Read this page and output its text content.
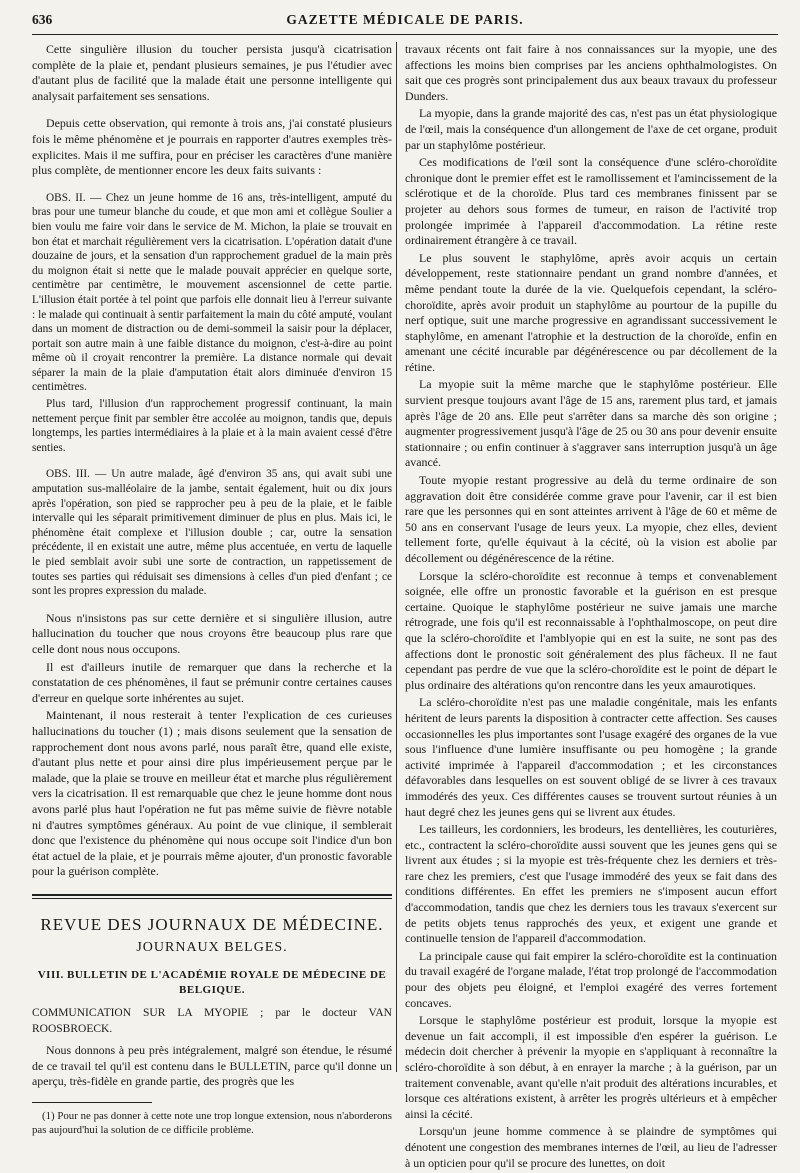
636	GAZETTE MÉDICALE DE PARIS.

Cette singulière illusion du toucher persista jusqu'à cicatrisation complète de la plaie et, pendant plusieurs semaines, je pus l'étudier avec d'autant plus de facilité que la malade était une personne intelligente qui analysait parfaitement ses sensations.

Depuis cette observation, qui remonte à trois ans, j'ai constaté plusieurs fois le même phénomène et je pourrais en rapporter d'autres exemples très-explicites. Mais il me suffira, pour en préciser les caractères d'une manière plus complète, de mentionner encore les deux faits suivants :

OBS. II. — Chez un jeune homme de 16 ans, très-intelligent, amputé du bras pour une tumeur blanche du coude, et que mon ami et collègue Soulier a bien voulu me faire voir dans le service de M. Michon, la plaie se trouvait en bon état et marchait régulièrement vers la cicatrisation. L'opération datait d'une douzaine de jours, et la sensation d'un rapprochement graduel de la main près du moignon était si nette que le malade pouvait apprécier en quelque sorte, centimètre par centimètre, le mouvement ascensionnel de cette partie. L'illusion était portée à tel point que parfois elle donnait lieu à l'erreur suivante : le malade qui continuait à sentir parfaitement la main du côté amputé, voulant dans un moment de distraction ou de demi-sommeil la saisir pour la déplacer, portait son autre main à une faible distance du moignon, c'est-à-dire au point même où il croyait rencontrer la première. La distance normale qui devait séparer la main de la plaie d'amputation était alors diminuée d'environ 15 centimètres.

Plus tard, l'illusion d'un rapprochement progressif continuant, la main nettement perçue finit par sembler être accolée au moignon, tandis que, depuis longtemps, les parties intermédiaires à la plaie et à la main avaient cessé d'être senties.

OBS. III. — Un autre malade, âgé d'environ 35 ans, qui avait subi une amputation sus-malléolaire de la jambe, sentait également, huit ou dix jours après l'opération, son pied se rapprocher peu à peu de la plaie, et le faible intervalle qui les séparait primitivement diminuer de plus en plus. Mais ici, le phénomène était complexe et l'illusion double ; car, outre la sensation précédente, il en existait une autre, même plus accentuée, en vertu de laquelle le pied semblait avoir subi une sorte de contraction, un rappetissement de toutes ses parties qui réduisait ses dimensions à celles d'un pied d'enfant ; ce sont les propres expression du malade.

Nous n'insistons pas sur cette dernière et si singulière illusion, autre hallucination du toucher que nous croyons être beaucoup plus rare que celle dont nous nous occupons.

Il est d'ailleurs inutile de remarquer que dans la recherche et la constatation de ces phénomènes, il faut se prémunir contre certaines causes d'erreur en quelque sorte inhérentes au sujet.

Maintenant, il nous resterait à tenter l'explication de ces curieuses hallucinations du toucher (1) ; mais disons seulement que la sensation de rapprochement dont nous avons parlé, nous paraît être, quand elle existe, d'autant plus nette et pour ainsi dire plus impérieusement perçue par le malade, que la plaie se trouve en meilleur état et marche plus régulièrement vers la cicatrisation. Il est remarquable que chez le jeune homme dont nous avons parlé plus haut l'opération ne fut pas même suivie de fièvre notable ni d'autres symptômes généraux. Au point de vue clinique, il semblerait donc que l'existence du phénomène qui nous occupe soit l'indice d'un bon état actuel de la plaie, et je pourrais même ajouter, d'un pronostic favorable pour la guérison complète.

REVUE DES JOURNAUX DE MÉDECINE.
JOURNAUX BELGES.
VIII. BULLETIN DE L'ACADÉMIE ROYALE DE MÉDECINE DE BELGIQUE.

COMMUNICATION SUR LA MYOPIE ; par le docteur VAN ROOSBROECK.

Nous donnons à peu près intégralement, malgré son étendue, le résumé de ce travail tel qu'il est contenu dans le BULLETIN, parce qu'il donne un aperçu, très-fidèle en grande partie, des progrès que les

(1) Pour ne pas donner à cette note une trop longue extension, nous n'aborderons pas aujourd'hui la solution de ce difficile problème.

travaux récents ont fait faire à nos connaissances sur la myopie, une des affections les moins bien comprises par les anciens ophthalmologistes. On sait que ces progrès sont principalement dus aux beaux travaux du professeur Dunders.

La myopie, dans la grande majorité des cas, n'est pas un état physiologique de l'œil, mais la conséquence d'un allongement de l'axe de cet organe, produit par un staphylôme postérieur.

Ces modifications de l'œil sont la conséquence d'une scléro-choroïdite chronique dont le premier effet est le ramollissement et l'amincissement de la sclérotique et de la choroïde. Plus tard ces membranes finissent par se projeter au dehors sous formes de tumeur, en raison de l'activité trop prolongée imprimée à l'appareil d'accommodation. La rétine reste ordinairement étrangère à ce travail.

Le plus souvent le staphylôme, après avoir acquis un certain développement, reste stationnaire pendant un grand nombre d'années, et même pendant toute la durée de la vie. Quelquefois cependant, la scléro-choroïdite, après avoir produit un staphylôme au pourtour de la pupille du nerf optique, suit une marche progressive en agrandissant successivement le staphylôme, en amenant l'atrophie et la destruction de la choroïde, enfin en amenant une cécité incurable par dégénérescence ou par décollement de la rétine.

La myopie suit la même marche que le staphylôme postérieur. Elle survient presque toujours avant l'âge de 15 ans, rarement plus tard, et jamais après l'âge de 20 ans. Elle peut s'arrêter dans sa marche dès son origine ; augmenter progressivement jusqu'à l'âge de 25 ou 30 ans pour devenir ensuite stationnaire ; ou enfin continuer à s'aggraver sans interruption jusqu'à un âge avancé.

Toute myopie restant progressive au delà du terme ordinaire de son aggravation doit être considérée comme grave pour l'avenir, car il est bien rare que les personnes qui en sont atteintes arrivent à l'âge de 60 et même de 50 ans en conservant l'usage de leurs yeux. La myopie, chez elles, devient tellement forte, qu'elle équivaut à la cécité, où la vision est abolie par décollement ou dégénérescence de la rétine.

Lorsque la scléro-choroïdite est reconnue à temps et convenablement soignée, elle offre un pronostic favorable et la guérison en est presque certaine. Quoique le staphylôme postérieur ne suive jamais une marche rétrograde, une fois qu'il est reconnaissable à l'ophthalmoscope, on peut dire que la scléro-choroïdite et l'amblyopie qui en est la suite, ne sont pas des affections dont le pronostic soit généralement des plus fâcheux. Il ne faut cependant pas perdre de vue que la scléro-choroïdite est le point de départ le plus ordinaire des altérations qu'on rencontre dans les yeux amaurotiques.

La scléro-choroïdite n'est pas une maladie congénitale, mais les enfants héritent de leurs parents la disposition à contracter cette affection. Ses causes occasionnelles les plus importantes sont l'usage exagéré des organes de la vue sous l'influence d'une lumière insuffisante ou peu homogène ; la grande activité imprimée à l'appareil d'accommodation ; et les circonstances défavorables dans lesquelles on est souvent obligé de se livrer à ces travaux immodérés des yeux. Ces différentes causes se trouvent surtout réunies à un haut degré chez les jeunes gens qui se livrent aux études.

Les tailleurs, les cordonniers, les brodeurs, les dentellières, les couturières, etc., contractent la scléro-choroïdite aussi souvent que les jeunes gens qui se livrent aux études ; si la myopie est très-fréquente chez les derniers et très-rare chez les premiers, c'est que l'usage immodéré des yeux se fait dans des conditions différentes. En effet les premiers ne s'imposent aucun effort d'accommodation, tandis que chez les derniers tous les travaux s'exercent sur de petits objets tenus rapprochés des yeux, et exigent une grande et continuelle tension de l'appareil d'accommodation.

La principale cause qui fait empirer la scléro-choroïdite est la continuation du travail exagéré de l'organe malade, l'état trop prolongé de l'accommodation pour des objets peu éloigné, et l'emploi exagéré des verres fortement concaves.

Lorsque le staphylôme postérieur est produit, lorsque la myopie est devenue un fait accompli, il est impossible d'en espérer la guérison. Le médecin doit chercher à prévenir la myopie en s'appliquant à reconnaître la scléro-choroïdite à son début, à en enrayer la marche ; à la guérison, par un traitement convenable, avant qu'elle n'ait produit des altérations incurables, et lorsque ces altérations existent, à arrêter les progrès ultérieurs et à empêcher ainsi la cécité.

Lorsqu'un jeune homme commence à se plaindre de symptômes qui dénotent une congestion des membranes internes de l'œil, au lieu de l'adresser à un opticien pour qu'il se procure des lunettes, on doit
